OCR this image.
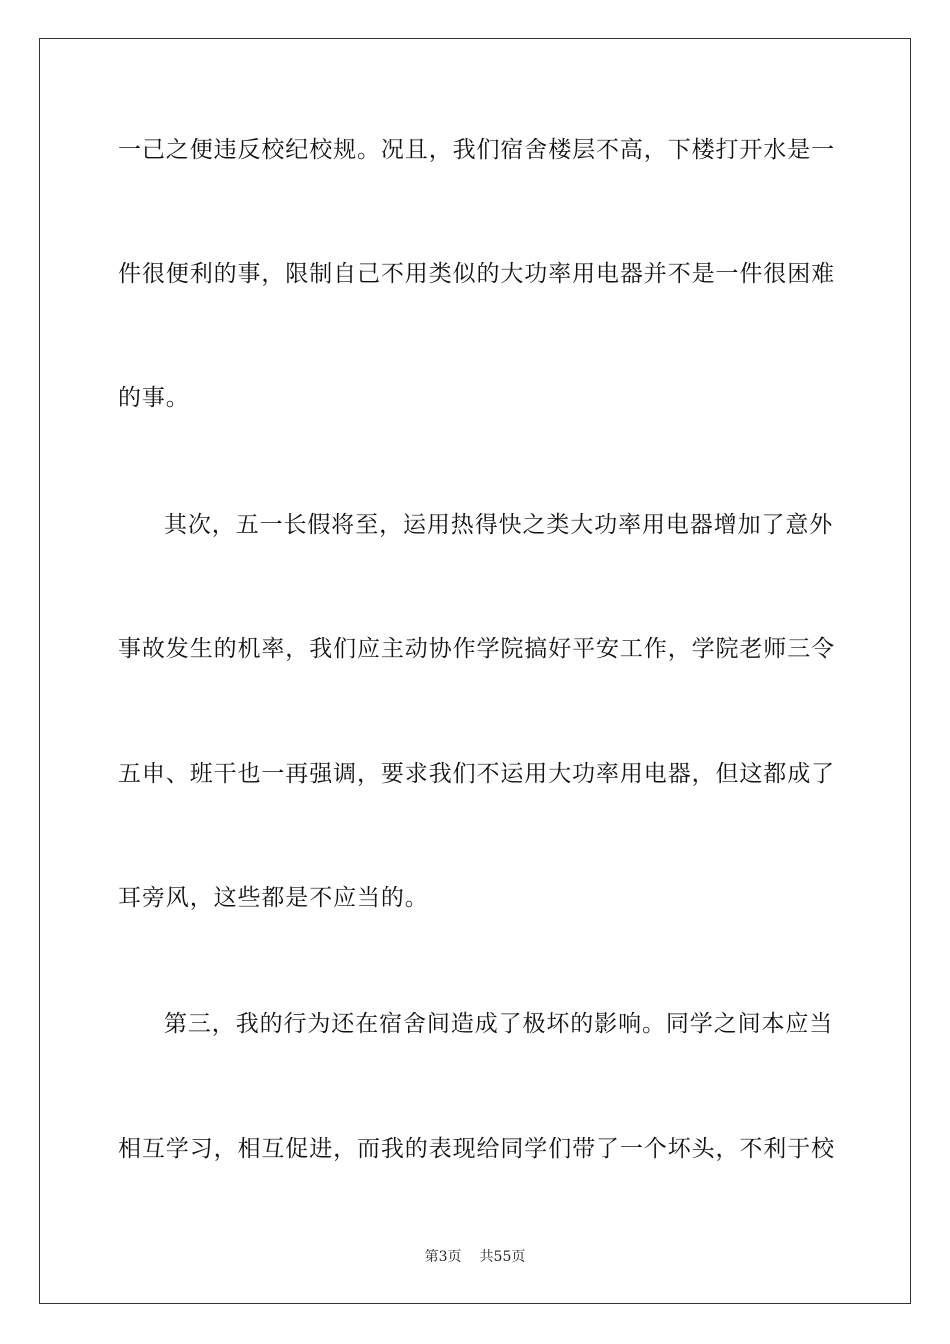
一己之便违反校纪校规。况且，我们宿舍楼层不高，下楼打开水是一
件很便利的事，限制自己不用类似的大功率用电器并不是一件很困难
的事。
其次，五一长假将至，运用热得快之类大功率用电器增加了意外
事故发生的机率，我们应主动协作学院搞好平安工作，学院老师三令
五申、班干也一再强调，要求我们不运用大功率用电器，但这都成了
耳旁风，这些都是不应当的。
第三，我的行为还在宿舍间造成了极坏的影响。同学之间本应当
相互学习，相互促进，而我的表现给同学们带了一个坏头，不利于校
第3页 共55页
